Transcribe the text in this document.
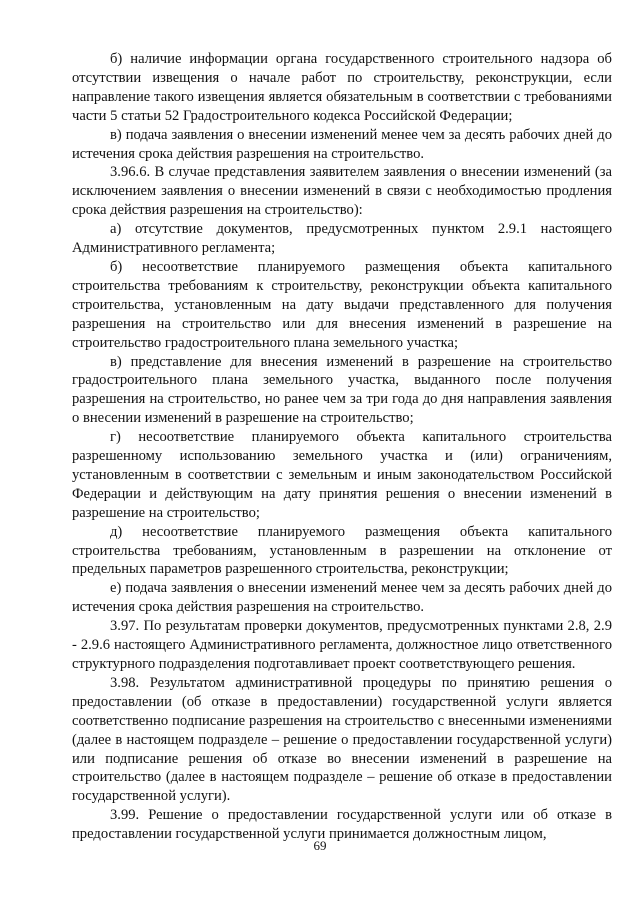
б) наличие информации органа государственного строительного надзора об отсутствии извещения о начале работ по строительству, реконструкции, если направление такого извещения является обязательным в соответствии с требованиями части 5 статьи 52 Градостроительного кодекса Российской Федерации;

в) подача заявления о внесении изменений менее чем за десять рабочих дней до истечения срока действия разрешения на строительство.

3.96.6. В случае представления заявителем заявления о внесении изменений (за исключением заявления о внесении изменений в связи с необходимостью продления срока действия разрешения на строительство):

а) отсутствие документов, предусмотренных пунктом 2.9.1 настоящего Административного регламента;

б) несоответствие планируемого размещения объекта капитального строительства требованиям к строительству, реконструкции объекта капитального строительства, установленным на дату выдачи представленного для получения разрешения на строительство или для внесения изменений в разрешение на строительство градостроительного плана земельного участка;

в) представление для внесения изменений в разрешение на строительство градостроительного плана земельного участка, выданного после получения разрешения на строительство, но ранее чем за три года до дня направления заявления о внесении изменений в разрешение на строительство;

г) несоответствие планируемого объекта капитального строительства разрешенному использованию земельного участка и (или) ограничениям, установленным в соответствии с земельным и иным законодательством Российской Федерации и действующим на дату принятия решения о внесении изменений в разрешение на строительство;

д) несоответствие планируемого размещения объекта капитального строительства требованиям, установленным в разрешении на отклонение от предельных параметров разрешенного строительства, реконструкции;

е) подача заявления о внесении изменений менее чем за десять рабочих дней до истечения срока действия разрешения на строительство.

3.97. По результатам проверки документов, предусмотренных пунктами 2.8, 2.9 - 2.9.6 настоящего Административного регламента, должностное лицо ответственного структурного подразделения подготавливает проект соответствующего решения.

3.98. Результатом административной процедуры по принятию решения о предоставлении (об отказе в предоставлении) государственной услуги является соответственно подписание разрешения на строительство с внесенными изменениями (далее в настоящем подразделе – решение о предоставлении государственной услуги) или подписание решения об отказе во внесении изменений в разрешение на строительство (далее в настоящем подразделе – решение об отказе в предоставлении государственной услуги).

3.99. Решение о предоставлении государственной услуги или об отказе в предоставлении государственной услуги принимается должностным лицом,

69
